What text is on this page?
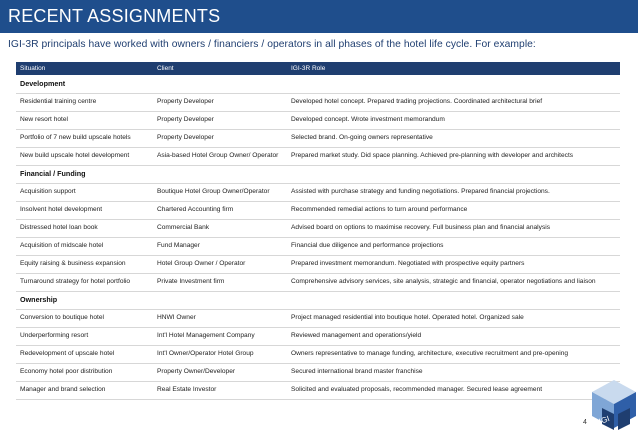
RECENT ASSIGNMENTS
IGI-3R principals have worked with owners / financiers / operators in all phases of the hotel life cycle. For example:
Situation	Client	IGI-3R Role
Development		
Residential training centre	Property Developer	Developed hotel concept. Prepared trading projections. Coordinated architectural brief
New resort hotel	Property Developer	Developed concept. Wrote investment memorandum
Portfolio of 7 new build upscale hotels	Property Developer	Selected brand. On-going owners representative
New build upscale hotel development	Asia-based Hotel Group Owner/ Operator	Prepared market study. Did space planning. Achieved pre-planning with developer and architects
Financial / Funding		
Acquisition support	Boutique Hotel Group Owner/Operator	Assisted with purchase strategy and funding negotiations. Prepared financial projections.
Insolvent hotel development	Chartered Accounting firm	Recommended remedial actions to turn around performance
Distressed hotel loan book	Commercial Bank	Advised board on options to maximise recovery. Full business plan and financial analysis
Acquisition of midscale hotel	Fund Manager	Financial due diligence and performance projections
Equity raising & business expansion	Hotel Group Owner / Operator	Prepared investment memorandum. Negotiated with prospective equity partners
Turnaround strategy for hotel portfolio	Private Investment firm	Comprehensive advisory services, site analysis, strategic and financial, operator negotiations and liaison
Ownership		
Conversion to boutique hotel	HNWI Owner	Project managed residential into boutique hotel. Operated hotel. Organized sale
Underperforming resort	Int'l Hotel Management Company	Reviewed management and operations/yield
Redevelopment of upscale hotel	Int'l Owner/Operator Hotel Group	Owners representative to manage funding, architecture, executive recruitment and pre-opening
Economy hotel poor distribution	Property Owner/Developer	Secured international brand master franchise
Manager and brand selection	Real Estate Investor	Solicited and evaluated proposals, recommended manager. Secured lease agreement
4 IGI
